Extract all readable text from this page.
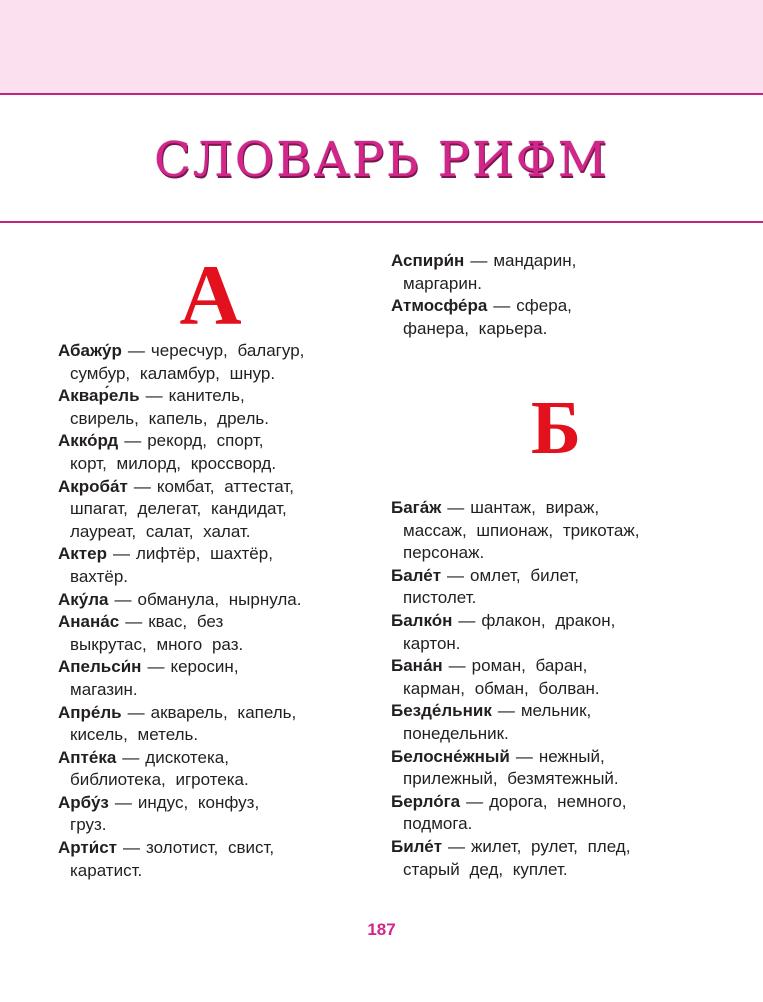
СЛОВАРЬ РИФМ
А
Абажу́р — чересчур, балагур,
сумбур, каламбур, шнур.
Аквар́ель — канитель,
свирель, капель, дрель.
Акко́рд — рекорд, спорт,
корт, милорд, кроссворд.
Акроба́т — комбат, аттестат,
шпагат, делегат, кандидат,
лауреат, салат, халат.
Актер — лифтёр, шахтёр,
вахтёр.
Аку́ла — обманула, нырнула.
Анана́с — квас, без
выкрутас, много раз.
Апельси́н — керосин,
магазин.
Апре́ль — акварель, капель,
кисель, метель.
Апте́ка — дискотека,
библиотека, игротека.
Арбу́з — индус, конфуз,
груз.
Арти́ст — золотист, свист,
каратист.
Аспири́н — мандарин,
маргарин.
Атмосфе́ра — сфера,
фанера, карьера.
Б
Бага́ж — шантаж, вираж,
массаж, шпионаж, трикотаж,
персонаж.
Бале́т — омлет, билет,
пистолет.
Балко́н — флакон, дракон,
картон.
Бана́н — роман, баран,
карман, обман, болван.
Безде́льник — мельник,
понедельник.
Белосне́жный — нежный,
прилежный, безмятежный.
Берло́га — дорога, немного,
подмога.
Биле́т — жилет, рулет, плед,
старый дед, куплет.
187
